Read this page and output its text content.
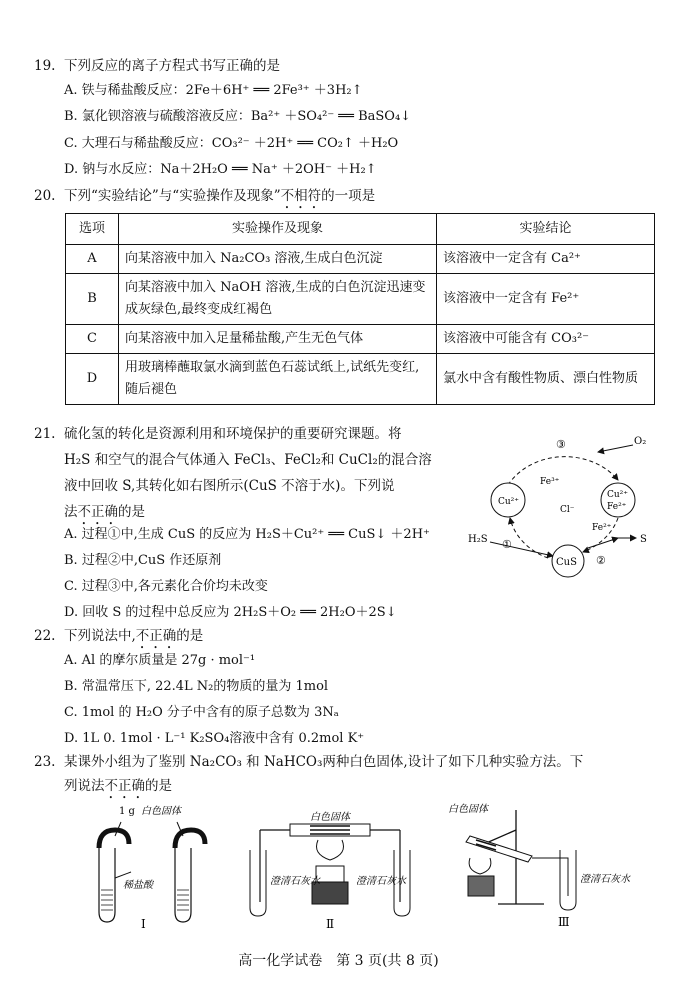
19. 下列反应的离子方程式书写正确的是
A. 铁与稀盐酸反应：2Fe＋6H⁺ ══ 2Fe³⁺ ＋3H₂↑
B. 氯化钡溶液与硫酸溶液反应：Ba²⁺ ＋SO₄²⁻ ══ BaSO₄↓
C. 大理石与稀盐酸反应：CO₃²⁻ ＋2H⁺ ══ CO₂↑ ＋H₂O
D. 钠与水反应：Na＋2H₂O ══ Na⁺ ＋2OH⁻ ＋H₂↑
20. 下列“实验结论”与“实验操作及现象”不相符的一项是
选项	实验操作及现象	实验结论
A	向某溶液中加入 Na₂CO₃ 溶液,生成白色沉淀	该溶液中一定含有 Ca²⁺
B	向某溶液中加入 NaOH 溶液,生成的白色沉淀迅速变成灰绿色,最终变成红褐色	该溶液中一定含有 Fe²⁺
C	向某溶液中加入足量稀盐酸,产生无色气体	该溶液中可能含有 CO₃²⁻
D	用玻璃棒蘸取氯水滴到蓝色石蕊试纸上,试纸先变红,随后褪色	氯水中含有酸性物质、漂白性物质
21. 硫化氢的转化是资源利用和环境保护的重要研究课题。将
H₂S 和空气的混合气体通入 FeCl₃、FeCl₂和 CuCl₂的混合溶
液中回收 S,其转化如右图所示(CuS 不溶于水)。下列说
法不正确的是
A. 过程①中,生成 CuS 的反应为 H₂S＋Cu²⁺ ══ CuS↓ ＋2H⁺
B. 过程②中,CuS 作还原剂
C. 过程③中,各元素化合价均未改变
D. 回收 S 的过程中总反应为 2H₂S＋O₂ ══ 2H₂O＋2S↓
O₂
③
①
②
Cu²⁺
Fe³⁺
Cl⁻
Fe²⁺
Cu²⁺
Fe²⁺
CuS
H₂S	S
22. 下列说法中,不正确的是
A. Al 的摩尔质量是 27g · mol⁻¹
B. 常温常压下, 22.4L N₂的物质的量为 1mol
C. 1mol 的 H₂O 分子中含有的原子总数为 3Nₐ
D. 1L 0. 1mol · L⁻¹ K₂SO₄溶液中含有 0.2mol K⁺
23. 某课外小组为了鉴别 Na₂CO₃ 和 NaHCO₃两种白色固体,设计了如下几种实验方法。下
列说法不正确的是
1 g 白色固体
稀盐酸
Ⅰ
白色固体
澄清石灰水	澄清石灰水
Ⅱ
白色固体
澄清石灰水
Ⅲ
高一化学试卷　第 3 页(共 8 页)
